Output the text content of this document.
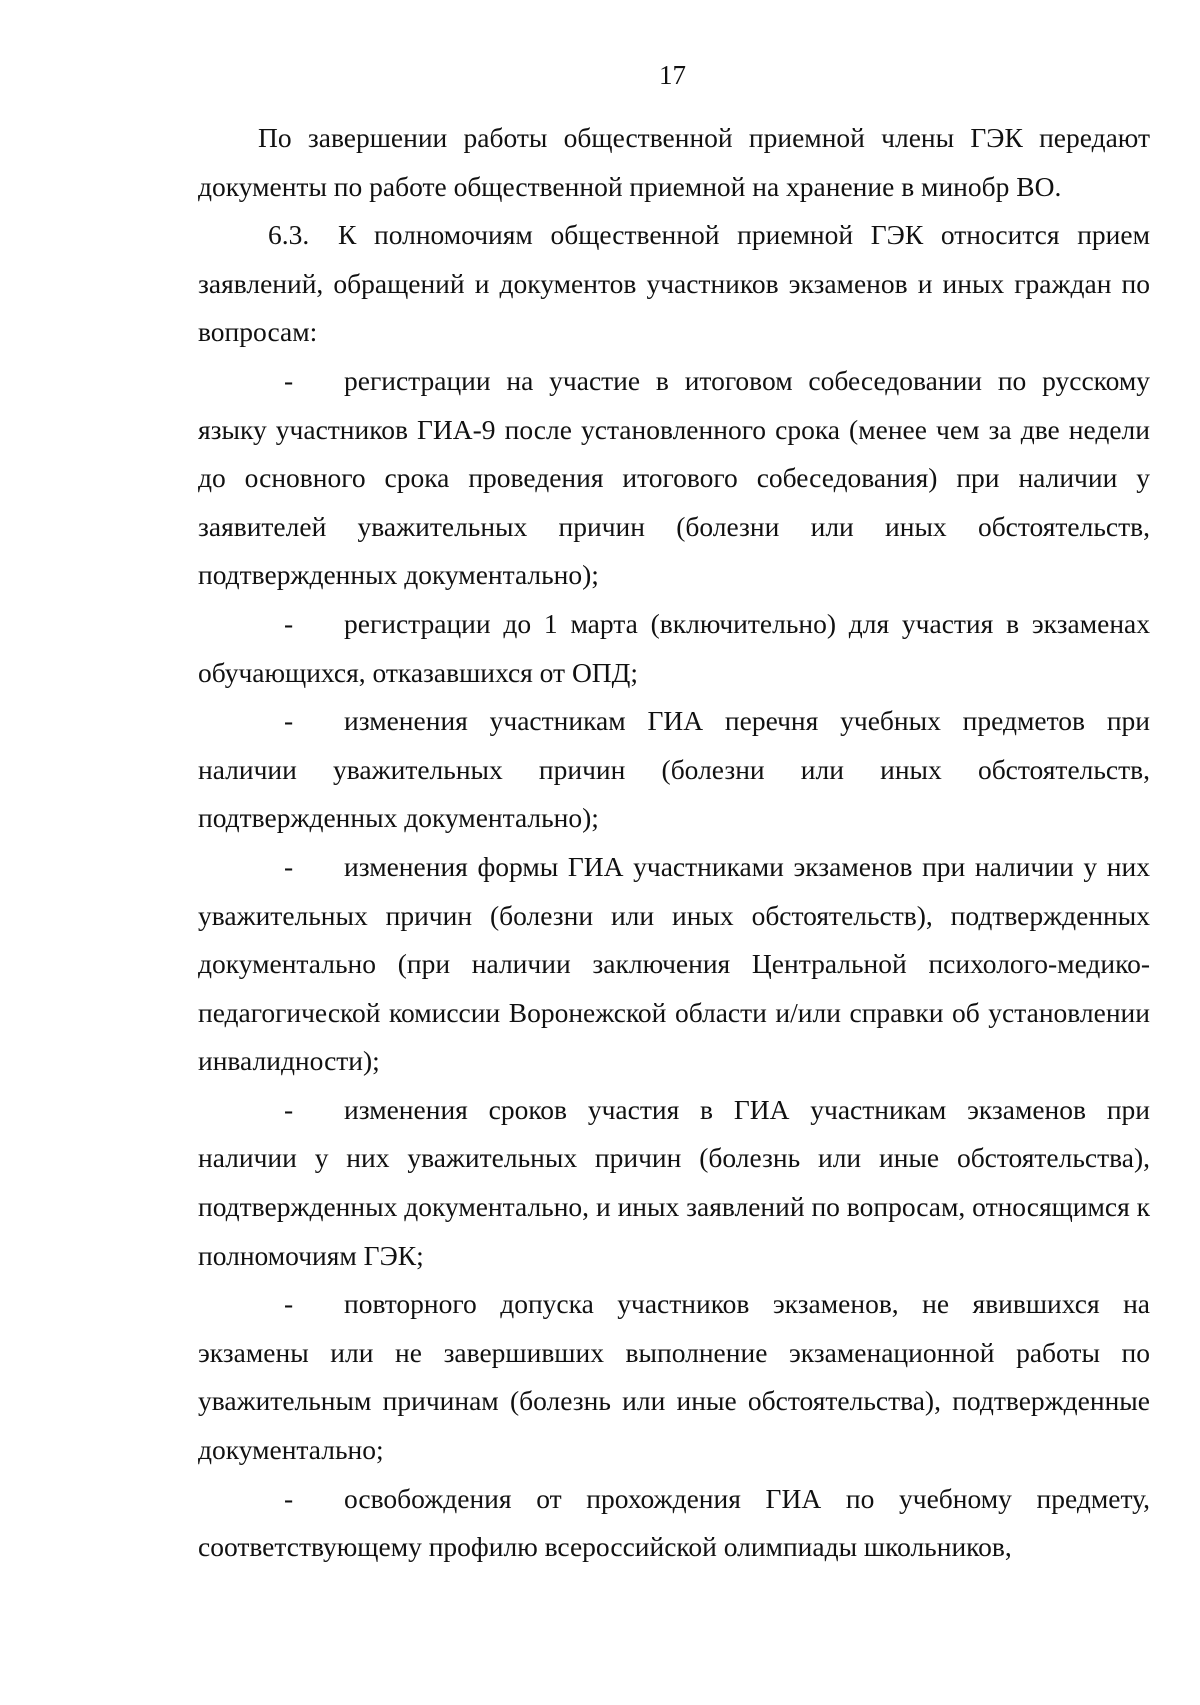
17

По завершении работы общественной приемной члены ГЭК передают документы по работе общественной приемной на хранение в минобр ВО.

6.3. К полномочиям общественной приемной ГЭК относится прием заявлений, обращений и документов участников экзаменов и иных граждан по вопросам:

- регистрации на участие в итоговом собеседовании по русскому языку участников ГИА-9 после установленного срока (менее чем за две недели до основного срока проведения итогового собеседования) при наличии у заявителей уважительных причин (болезни или иных обстоятельств, подтвержденных документально);

- регистрации до 1 марта (включительно) для участия в экзаменах обучающихся, отказавшихся от ОПД;

- изменения участникам ГИА перечня учебных предметов при наличии уважительных причин (болезни или иных обстоятельств, подтвержденных документально);

- изменения формы ГИА участниками экзаменов при наличии у них уважительных причин (болезни или иных обстоятельств), подтвержденных документально (при наличии заключения Центральной психолого-медико-педагогической комиссии Воронежской области и/или справки об установлении инвалидности);

- изменения сроков участия в ГИА участникам экзаменов при наличии у них уважительных причин (болезнь или иные обстоятельства), подтвержденных документально, и иных заявлений по вопросам, относящимся к полномочиям ГЭК;

- повторного допуска участников экзаменов, не явившихся на экзамены или не завершивших выполнение экзаменационной работы по уважительным причинам (болезнь или иные обстоятельства), подтвержденные документально;

- освобождения от прохождения ГИА по учебному предмету, соответствующему профилю всероссийской олимпиады школьников,
